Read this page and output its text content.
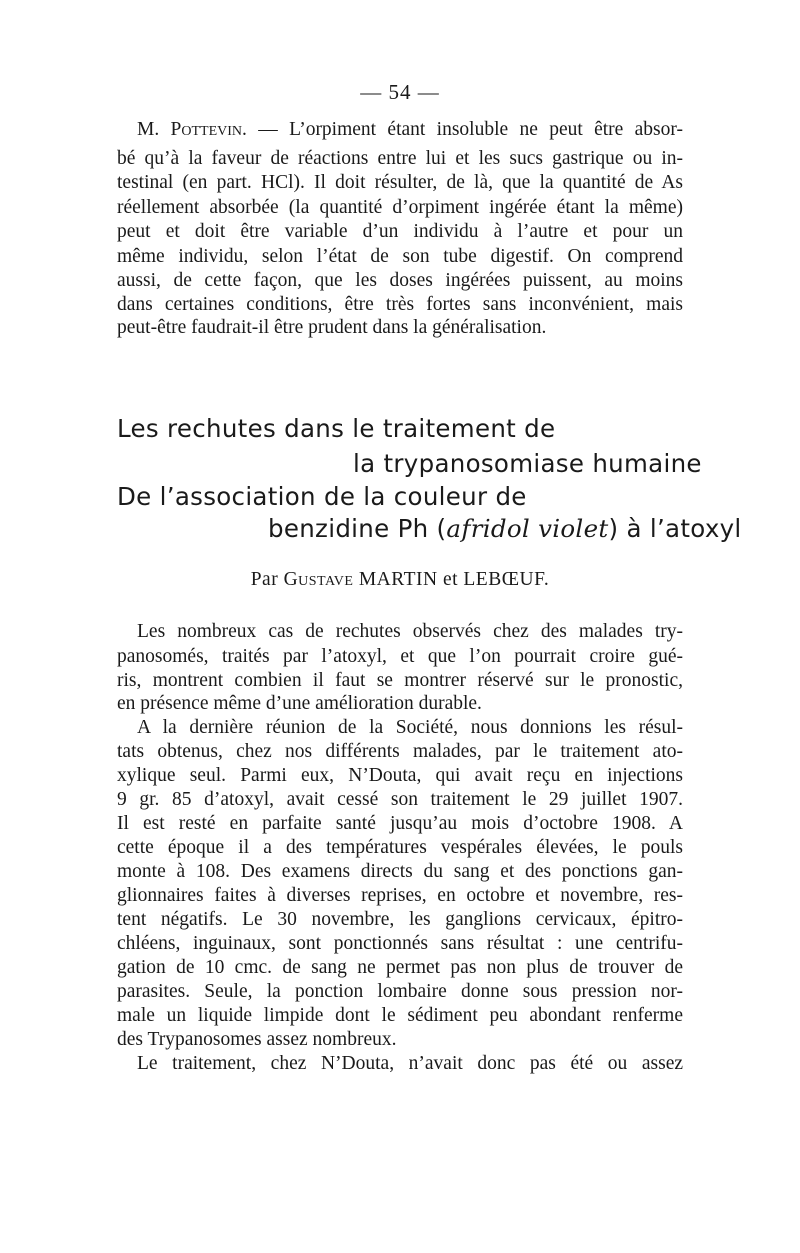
— 54 —
M. Pottevin. — L’orpiment étant insoluble ne peut être absor-
bé qu’à la faveur de réactions entre lui et les sucs gastrique ou in-
testinal (en part. HCl). Il doit résulter, de là, que la quantité de As
réellement absorbée (la quantité d’orpiment ingérée étant la même)
peut et doit être variable d’un individu à l’autre et pour un
même individu, selon l’état de son tube digestif. On comprend
aussi, de cette façon, que les doses ingérées puissent, au moins
dans certaines conditions, être très fortes sans inconvénient, mais
peut-être faudrait-il être prudent dans la généralisation.
Les rechutes dans le traitement de
la trypanosomiase humaine
De l’association de la couleur de
benzidine Ph (afridol violet) à l’atoxyl
Par Gustave MARTIN et LEBŒUF.
Les nombreux cas de rechutes observés chez des malades try-
panosomés, traités par l’atoxyl, et que l’on pourrait croire gué-
ris, montrent combien il faut se montrer réservé sur le pronostic,
en présence même d’une amélioration durable.
A la dernière réunion de la Société, nous donnions les résul-
tats obtenus, chez nos différents malades, par le traitement ato-
xylique seul. Parmi eux, N’Douta, qui avait reçu en injections
9 gr. 85 d’atoxyl, avait cessé son traitement le 29 juillet 1907.
Il est resté en parfaite santé jusqu’au mois d’octobre 1908. A
cette époque il a des températures vespérales élevées, le pouls
monte à 108. Des examens directs du sang et des ponctions gan-
glionnaires faites à diverses reprises, en octobre et novembre, res-
tent négatifs. Le 30 novembre, les ganglions cervicaux, épitro-
chléens, inguinaux, sont ponctionnés sans résultat : une centrifu-
gation de 10 cmc. de sang ne permet pas non plus de trouver de
parasites. Seule, la ponction lombaire donne sous pression nor-
male un liquide limpide dont le sédiment peu abondant renferme
des Trypanosomes assez nombreux.
Le traitement, chez N’Douta, n’avait donc pas été ou assez
